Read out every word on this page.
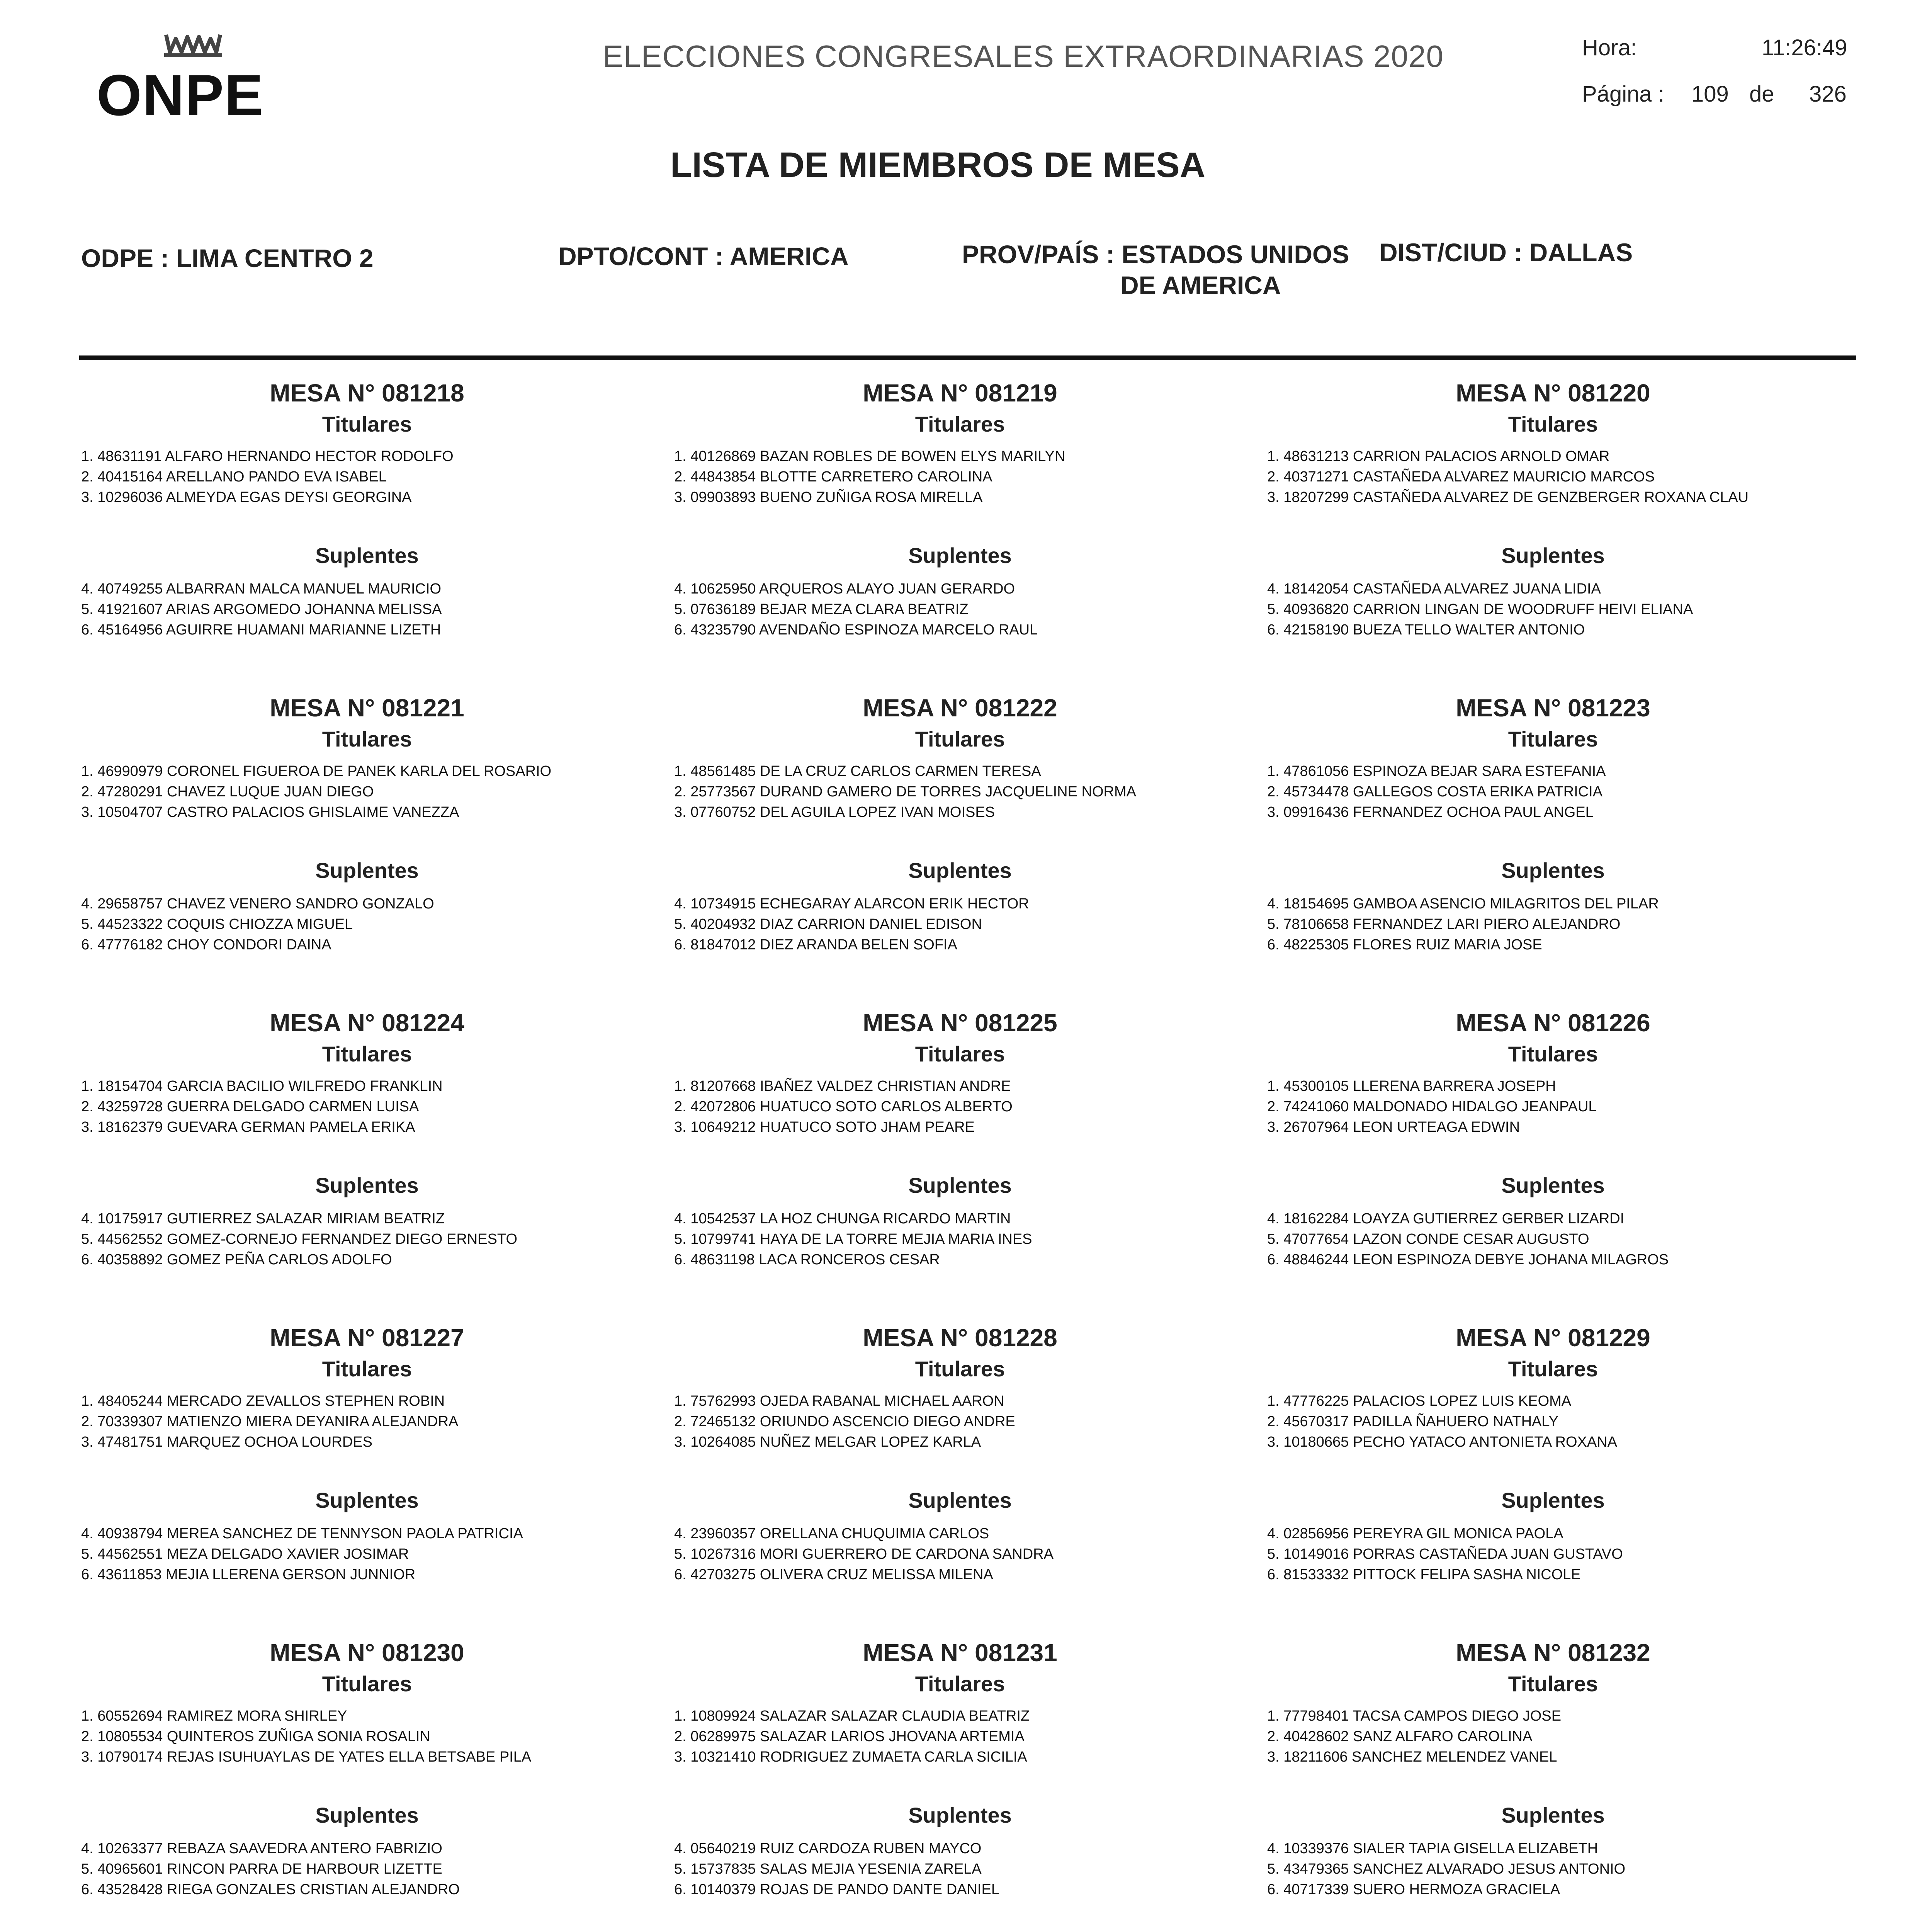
ONPE
ELECCIONES CONGRESALES EXTRAORDINARIAS 2020	Hora:	11:26:49
Página : 109 de 326
LISTA DE MIEMBROS DE MESA
ODPE : LIMA CENTRO 2	DPTO/CONT : AMERICA	PROV/PAÍS : ESTADOS UNIDOS
DE AMERICA
DIST/CIUD : DALLAS
MESA N° 081218
Titulares
1. 48631191 ALFARO HERNANDO HECTOR RODOLFO
2. 40415164 ARELLANO PANDO EVA ISABEL
3. 10296036 ALMEYDA EGAS DEYSI GEORGINA
Suplentes
4. 40749255 ALBARRAN MALCA MANUEL MAURICIO
5. 41921607 ARIAS ARGOMEDO JOHANNA MELISSA
6. 45164956 AGUIRRE HUAMANI MARIANNE LIZETH
MESA N° 081219
Titulares
1. 40126869 BAZAN ROBLES DE BOWEN ELYS MARILYN
2. 44843854 BLOTTE CARRETERO CAROLINA
3. 09903893 BUENO ZUÑIGA ROSA MIRELLA
Suplentes
4. 10625950 ARQUEROS ALAYO JUAN GERARDO
5. 07636189 BEJAR MEZA CLARA BEATRIZ
6. 43235790 AVENDAÑO ESPINOZA MARCELO RAUL
MESA N° 081220
Titulares
1. 48631213 CARRION PALACIOS ARNOLD OMAR
2. 40371271 CASTAÑEDA ALVAREZ MAURICIO MARCOS
3. 18207299 CASTAÑEDA ALVAREZ DE GENZBERGER ROXANA CLAU
Suplentes
4. 18142054 CASTAÑEDA ALVAREZ JUANA LIDIA
5. 40936820 CARRION LINGAN DE WOODRUFF HEIVI ELIANA
6. 42158190 BUEZA TELLO WALTER ANTONIO
MESA N° 081221
Titulares
1. 46990979 CORONEL FIGUEROA DE PANEK KARLA DEL ROSARIO
2. 47280291 CHAVEZ LUQUE JUAN DIEGO
3. 10504707 CASTRO PALACIOS GHISLAIME VANEZZA
Suplentes
4. 29658757 CHAVEZ VENERO SANDRO GONZALO
5. 44523322 COQUIS CHIOZZA MIGUEL
6. 47776182 CHOY CONDORI DAINA
MESA N° 081222
Titulares
1. 48561485 DE LA CRUZ CARLOS CARMEN TERESA
2. 25773567 DURAND GAMERO DE TORRES JACQUELINE NORMA
3. 07760752 DEL AGUILA LOPEZ IVAN MOISES
Suplentes
4. 10734915 ECHEGARAY ALARCON ERIK HECTOR
5. 40204932 DIAZ CARRION DANIEL EDISON
6. 81847012 DIEZ ARANDA BELEN SOFIA
MESA N° 081223
Titulares
1. 47861056 ESPINOZA BEJAR SARA ESTEFANIA
2. 45734478 GALLEGOS COSTA ERIKA PATRICIA
3. 09916436 FERNANDEZ OCHOA PAUL ANGEL
Suplentes
4. 18154695 GAMBOA ASENCIO MILAGRITOS DEL PILAR
5. 78106658 FERNANDEZ LARI PIERO ALEJANDRO
6. 48225305 FLORES RUIZ MARIA JOSE
MESA N° 081224
Titulares
1. 18154704 GARCIA BACILIO WILFREDO FRANKLIN
2. 43259728 GUERRA DELGADO CARMEN LUISA
3. 18162379 GUEVARA GERMAN PAMELA ERIKA
Suplentes
4. 10175917 GUTIERREZ SALAZAR MIRIAM BEATRIZ
5. 44562552 GOMEZ-CORNEJO FERNANDEZ DIEGO ERNESTO
6. 40358892 GOMEZ PEÑA CARLOS ADOLFO
MESA N° 081225
Titulares
1. 81207668 IBAÑEZ VALDEZ CHRISTIAN ANDRE
2. 42072806 HUATUCO SOTO CARLOS ALBERTO
3. 10649212 HUATUCO SOTO JHAM PEARE
Suplentes
4. 10542537 LA HOZ CHUNGA RICARDO MARTIN
5. 10799741 HAYA DE LA TORRE MEJIA MARIA INES
6. 48631198 LACA RONCEROS CESAR
MESA N° 081226
Titulares
1. 45300105 LLERENA BARRERA JOSEPH
2. 74241060 MALDONADO HIDALGO JEANPAUL
3. 26707964 LEON URTEAGA EDWIN
Suplentes
4. 18162284 LOAYZA GUTIERREZ GERBER LIZARDI
5. 47077654 LAZON CONDE CESAR AUGUSTO
6. 48846244 LEON ESPINOZA DEBYE JOHANA MILAGROS
MESA N° 081227
Titulares
1. 48405244 MERCADO ZEVALLOS STEPHEN ROBIN
2. 70339307 MATIENZO MIERA DEYANIRA ALEJANDRA
3. 47481751 MARQUEZ OCHOA LOURDES
Suplentes
4. 40938794 MEREA SANCHEZ DE TENNYSON PAOLA PATRICIA
5. 44562551 MEZA DELGADO XAVIER JOSIMAR
6. 43611853 MEJIA LLERENA GERSON JUNNIOR
MESA N° 081228
Titulares
1. 75762993 OJEDA RABANAL MICHAEL AARON
2. 72465132 ORIUNDO ASCENCIO DIEGO ANDRE
3. 10264085 NUÑEZ MELGAR LOPEZ KARLA
Suplentes
4. 23960357 ORELLANA CHUQUIMIA CARLOS
5. 10267316 MORI GUERRERO DE CARDONA SANDRA
6. 42703275 OLIVERA CRUZ MELISSA MILENA
MESA N° 081229
Titulares
1. 47776225 PALACIOS LOPEZ LUIS KEOMA
2. 45670317 PADILLA ÑAHUERO NATHALY
3. 10180665 PECHO YATACO ANTONIETA ROXANA
Suplentes
4. 02856956 PEREYRA GIL MONICA PAOLA
5. 10149016 PORRAS CASTAÑEDA JUAN GUSTAVO
6. 81533332 PITTOCK FELIPA SASHA NICOLE
MESA N° 081230
Titulares
1. 60552694 RAMIREZ MORA SHIRLEY
2. 10805534 QUINTEROS ZUÑIGA SONIA ROSALIN
3. 10790174 REJAS ISUHUAYLAS DE YATES ELLA BETSABE PILA
Suplentes
4. 10263377 REBAZA SAAVEDRA ANTERO FABRIZIO
5. 40965601 RINCON PARRA DE HARBOUR LIZETTE
6. 43528428 RIEGA GONZALES CRISTIAN ALEJANDRO
MESA N° 081231
Titulares
1. 10809924 SALAZAR SALAZAR CLAUDIA BEATRIZ
2. 06289975 SALAZAR LARIOS JHOVANA ARTEMIA
3. 10321410 RODRIGUEZ ZUMAETA CARLA SICILIA
Suplentes
4. 05640219 RUIZ CARDOZA RUBEN MAYCO
5. 15737835 SALAS MEJIA YESENIA ZARELA
6. 10140379 ROJAS DE PANDO DANTE DANIEL
MESA N° 081232
Titulares
1. 77798401 TACSA CAMPOS DIEGO JOSE
2. 40428602 SANZ ALFARO CAROLINA
3. 18211606 SANCHEZ MELENDEZ VANEL
Suplentes
4. 10339376 SIALER TAPIA GISELLA ELIZABETH
5. 43479365 SANCHEZ ALVARADO JESUS ANTONIO
6. 40717339 SUERO HERMOZA GRACIELA
